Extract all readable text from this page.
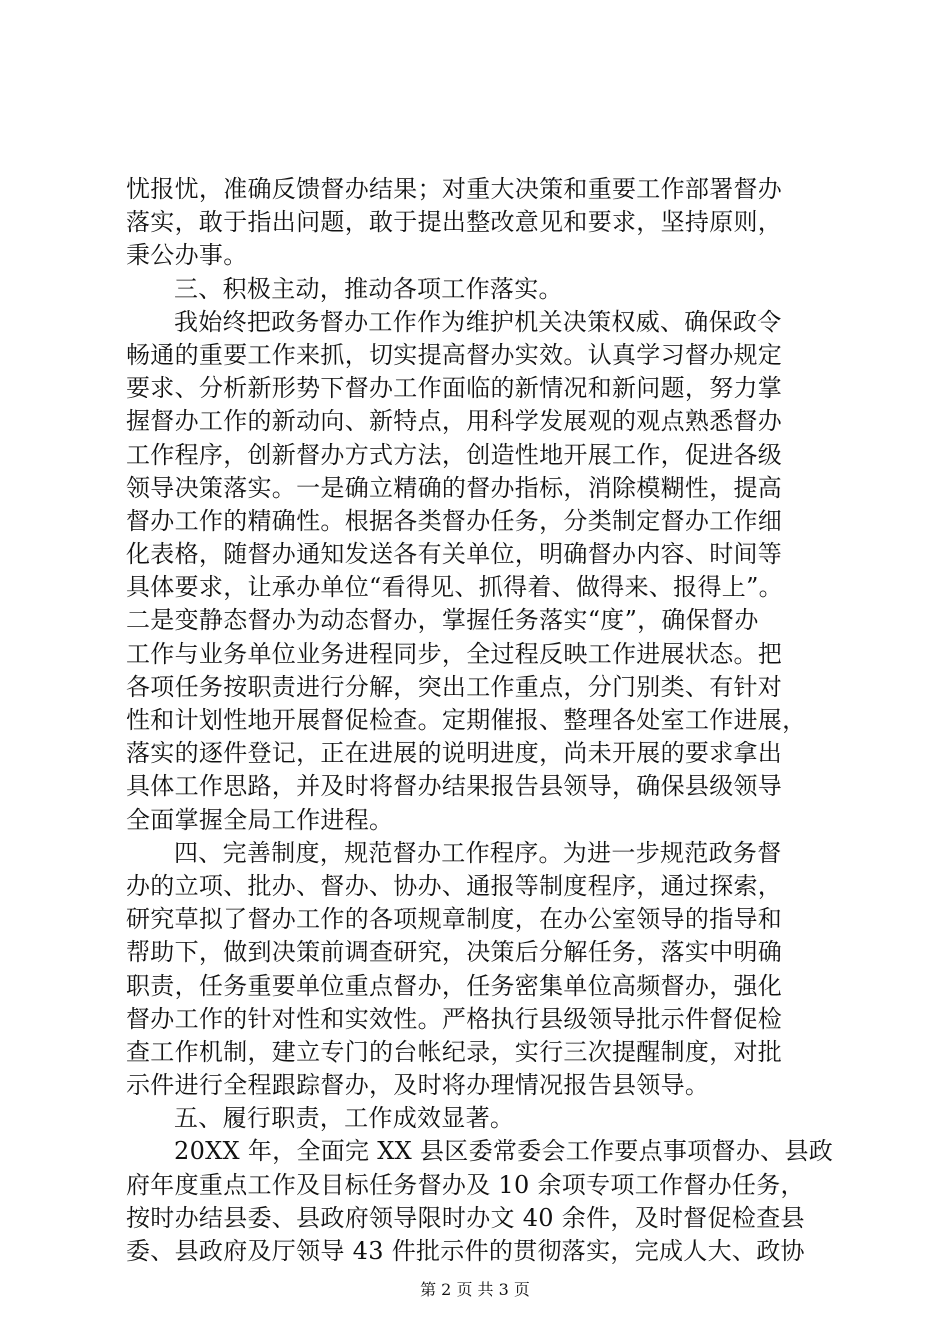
忧报忧，准确反馈督办结果；对重大决策和重要工作部署督办
落实，敢于指出问题，敢于提出整改意见和要求，坚持原则，
秉公办事。
三、积极主动，推动各项工作落实。
我始终把政务督办工作作为维护机关决策权威、确保政令
畅通的重要工作来抓，切实提高督办实效。认真学习督办规定
要求、分析新形势下督办工作面临的新情况和新问题，努力掌
握督办工作的新动向、新特点，用科学发展观的观点熟悉督办
工作程序，创新督办方式方法，创造性地开展工作，促进各级
领导决策落实。一是确立精确的督办指标，消除模糊性，提高
督办工作的精确性。根据各类督办任务，分类制定督办工作细
化表格，随督办通知发送各有关单位，明确督办内容、时间等
具体要求，让承办单位“看得见、抓得着、做得来、报得上”。
二是变静态督办为动态督办，掌握任务落实“度”，确保督办
工作与业务单位业务进程同步，全过程反映工作进展状态。把
各项任务按职责进行分解，突出工作重点，分门别类、有针对
性和计划性地开展督促检查。定期催报、整理各处室工作进展，
落实的逐件登记，正在进展的说明进度，尚未开展的要求拿出
具体工作思路，并及时将督办结果报告县领导，确保县级领导
全面掌握全局工作进程。
四、完善制度，规范督办工作程序。为进一步规范政务督
办的立项、批办、督办、协办、通报等制度程序，通过探索，
研究草拟了督办工作的各项规章制度，在办公室领导的指导和
帮助下，做到决策前调查研究，决策后分解任务，落实中明确
职责，任务重要单位重点督办，任务密集单位高频督办，强化
督办工作的针对性和实效性。严格执行县级领导批示件督促检
查工作机制，建立专门的台帐纪录，实行三次提醒制度，对批
示件进行全程跟踪督办，及时将办理情况报告县领导。
五、履行职责，工作成效显著。
20XX 年，全面完 XX 县区委常委会工作要点事项督办、县政
府年度重点工作及目标任务督办及 10 余项专项工作督办任务，
按时办结县委、县政府领导限时办文 40 余件，及时督促检查县
委、县政府及厅领导 43 件批示件的贯彻落实，完成人大、政协
第 2 页 共 3 页
